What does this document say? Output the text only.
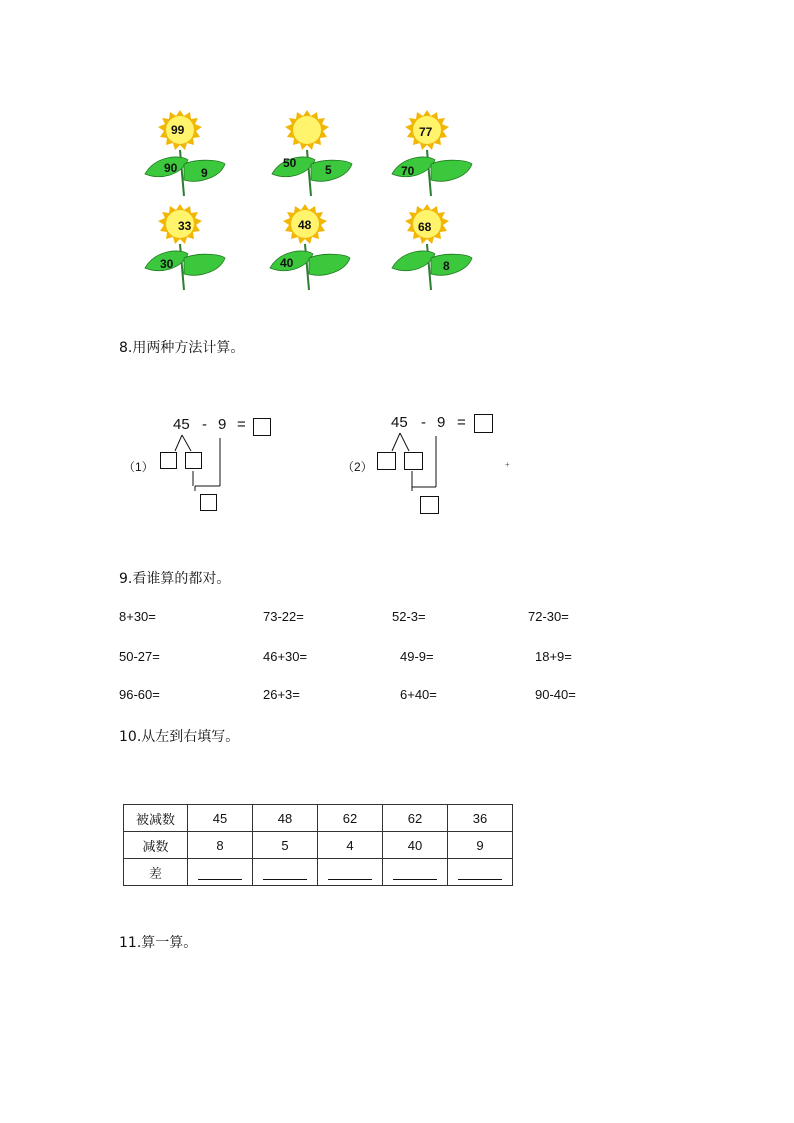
99
90 9
50 5
77
70
33
30
48
40
68
8
8.用两种方法计算。
45 - 9 =
（1）
45 - 9 =
（2）	+
9.看谁算的都对。
8+30=	73-22=	52-3=	72-30=
50-27=	46+30=	49-9=	18+9=
96-60=	26+3=	6+40=	90-40=
10.从左到右填写。
被减数	45	48	62	62	36
减数	8	5	4	40	9
差					
11.算一算。
